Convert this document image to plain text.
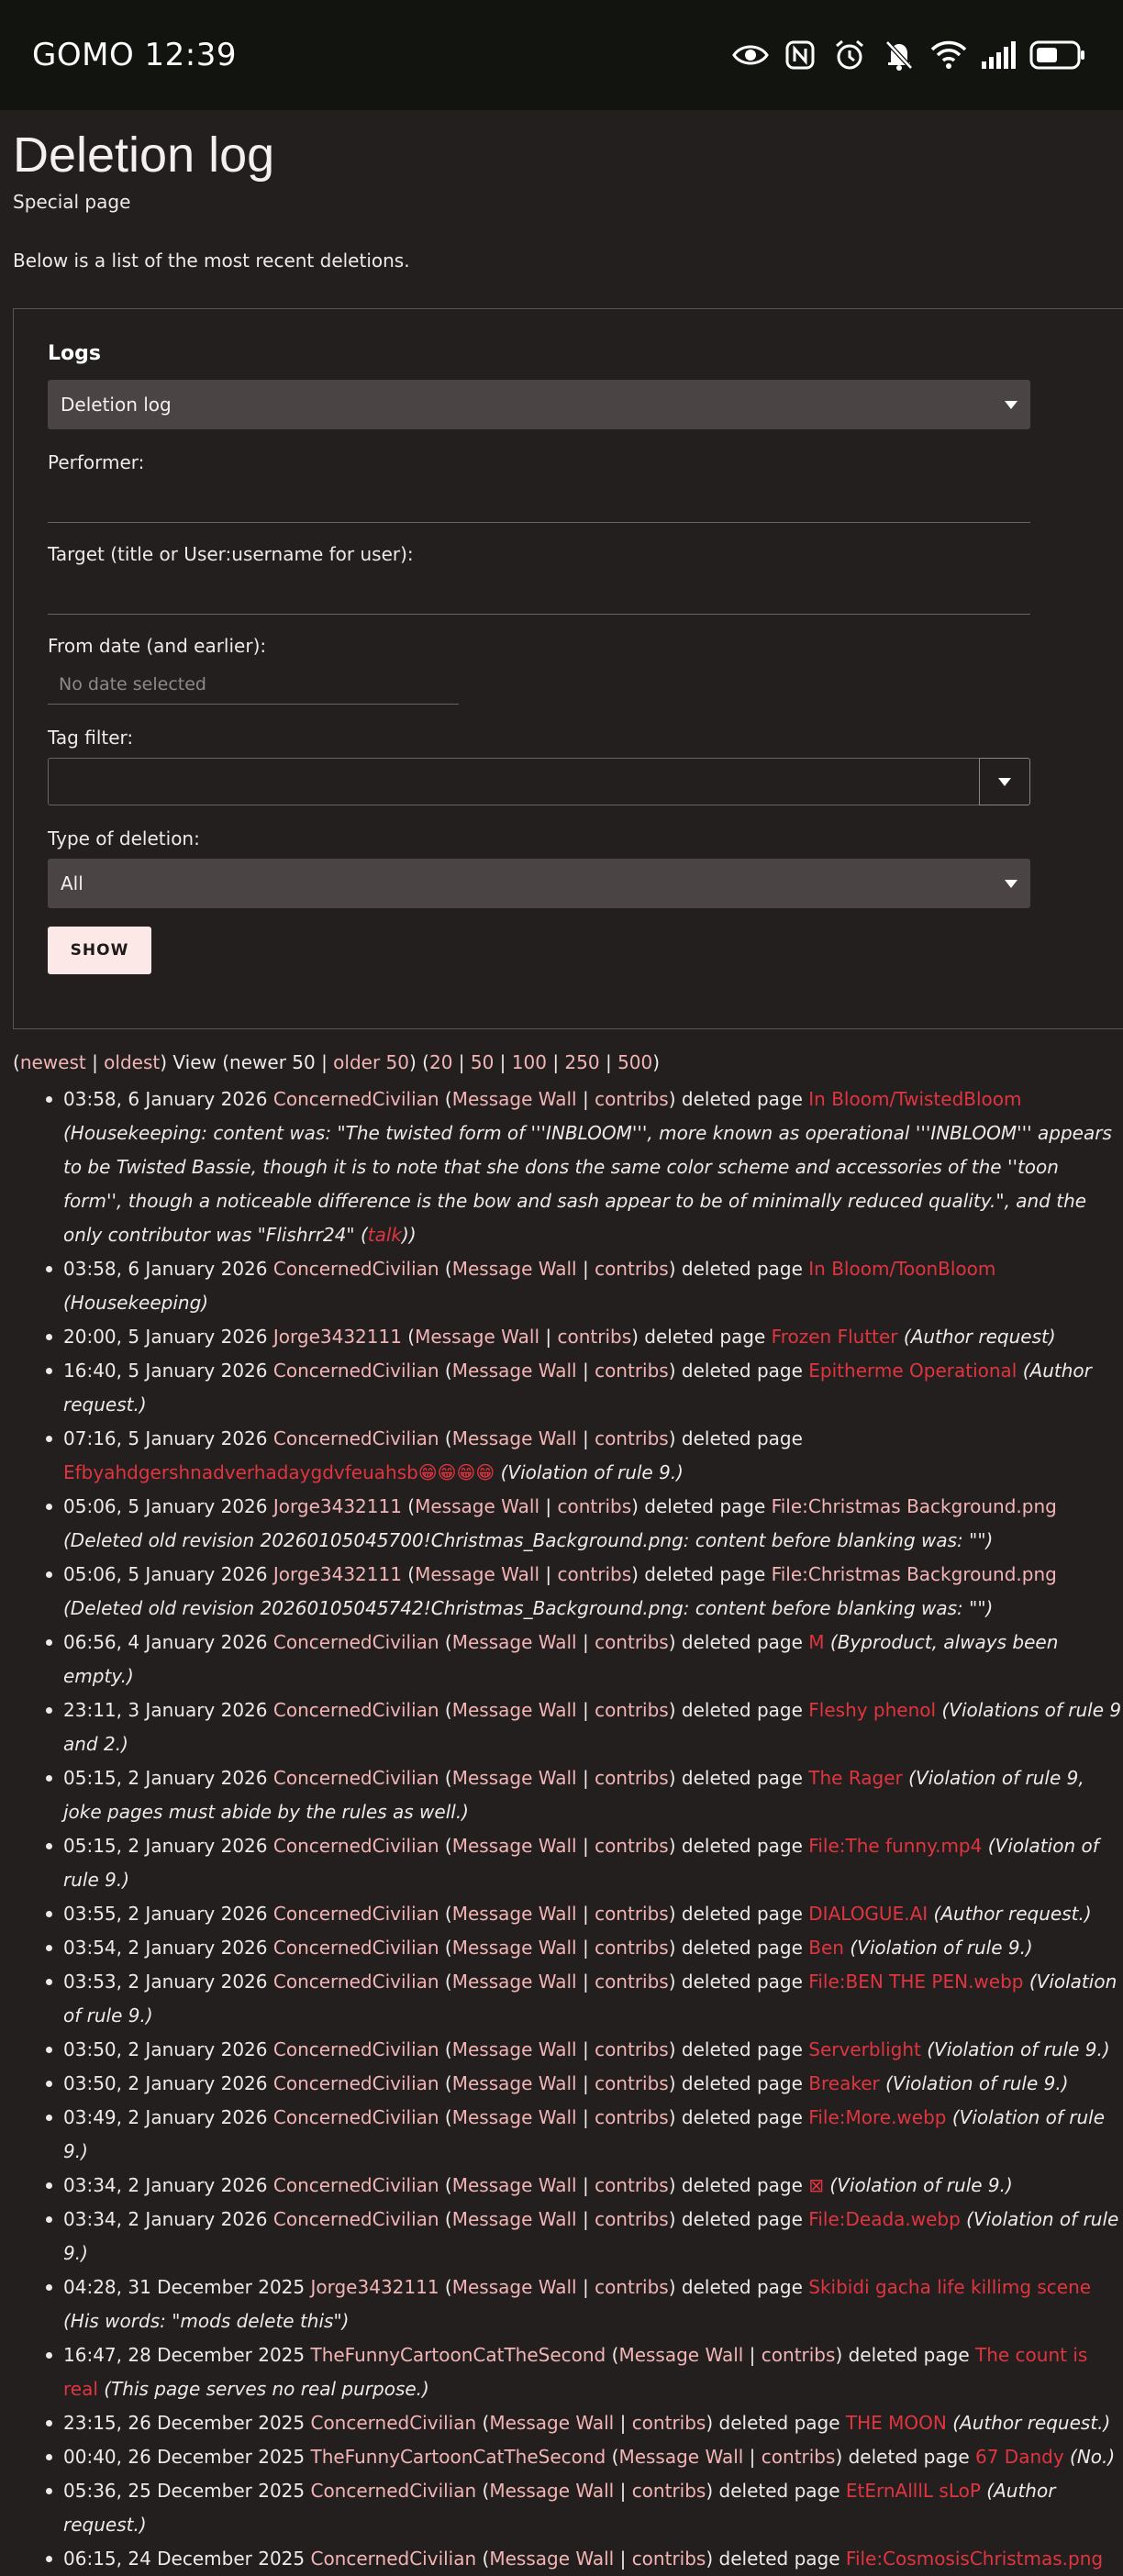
GOMO 12:39
Deletion log
Special page
Below is a list of the most recent deletions.
Logs
Deletion log
Performer:
Target (title or User:username for user):
From date (and earlier):
No date selected
Tag filter:
Type of deletion:
All
SHOW
(newest | oldest) View (newer 50 | older 50) (20 | 50 | 100 | 250 | 500)
03:58, 6 January 2026 ConcernedCivilian (Message Wall | contribs) deleted page In Bloom/TwistedBloom (Housekeeping: content was: "The twisted form of '''INBLOOM''', more known as operational '''INBLOOM''' appears to be Twisted Bassie, though it is to note that she dons the same color scheme and accessories of the ''toon form'', though a noticeable difference is the bow and sash appear to be of minimally reduced quality.", and the only contributor was "Flishrr24" (talk))
03:58, 6 January 2026 ConcernedCivilian (Message Wall | contribs) deleted page In Bloom/ToonBloom (Housekeeping)
20:00, 5 January 2026 Jorge3432111 (Message Wall | contribs) deleted page Frozen Flutter (Author request)
16:40, 5 January 2026 ConcernedCivilian (Message Wall | contribs) deleted page Epitherme Operational (Author request.)
07:16, 5 January 2026 ConcernedCivilian (Message Wall | contribs) deleted page Efbyahdgershnadverhadaygdvfeuahsb😁😁😁😁 (Violation of rule 9.)
05:06, 5 January 2026 Jorge3432111 (Message Wall | contribs) deleted page File:Christmas Background.png (Deleted old revision 20260105045700!Christmas_Background.png: content before blanking was: "")
05:06, 5 January 2026 Jorge3432111 (Message Wall | contribs) deleted page File:Christmas Background.png (Deleted old revision 20260105045742!Christmas_Background.png: content before blanking was: "")
06:56, 4 January 2026 ConcernedCivilian (Message Wall | contribs) deleted page M (Byproduct, always been empty.)
23:11, 3 January 2026 ConcernedCivilian (Message Wall | contribs) deleted page Fleshy phenol (Violations of rule 9 and 2.)
05:15, 2 January 2026 ConcernedCivilian (Message Wall | contribs) deleted page The Rager (Violation of rule 9, joke pages must abide by the rules as well.)
05:15, 2 January 2026 ConcernedCivilian (Message Wall | contribs) deleted page File:The funny.mp4 (Violation of rule 9.)
03:55, 2 January 2026 ConcernedCivilian (Message Wall | contribs) deleted page DIALOGUE.AI (Author request.)
03:54, 2 January 2026 ConcernedCivilian (Message Wall | contribs) deleted page Ben (Violation of rule 9.)
03:53, 2 January 2026 ConcernedCivilian (Message Wall | contribs) deleted page File:BEN THE PEN.webp (Violation of rule 9.)
03:50, 2 January 2026 ConcernedCivilian (Message Wall | contribs) deleted page Serverblight (Violation of rule 9.)
03:50, 2 January 2026 ConcernedCivilian (Message Wall | contribs) deleted page Breaker (Violation of rule 9.)
03:49, 2 January 2026 ConcernedCivilian (Message Wall | contribs) deleted page File:More.webp (Violation of rule 9.)
03:34, 2 January 2026 ConcernedCivilian (Message Wall | contribs) deleted page ⊠ (Violation of rule 9.)
03:34, 2 January 2026 ConcernedCivilian (Message Wall | contribs) deleted page File:Deada.webp (Violation of rule 9.)
04:28, 31 December 2025 Jorge3432111 (Message Wall | contribs) deleted page Skibidi gacha life killimg scene (His words: "mods delete this")
16:47, 28 December 2025 TheFunnyCartoonCatTheSecond (Message Wall | contribs) deleted page The count is real (This page serves no real purpose.)
23:15, 26 December 2025 ConcernedCivilian (Message Wall | contribs) deleted page THE MOON (Author request.)
00:40, 26 December 2025 TheFunnyCartoonCatTheSecond (Message Wall | contribs) deleted page 67 Dandy (No.)
05:36, 25 December 2025 ConcernedCivilian (Message Wall | contribs) deleted page EtErnAlllL sLoP (Author request.)
06:15, 24 December 2025 ConcernedCivilian (Message Wall | contribs) deleted page File:CosmosisChristmas.png
